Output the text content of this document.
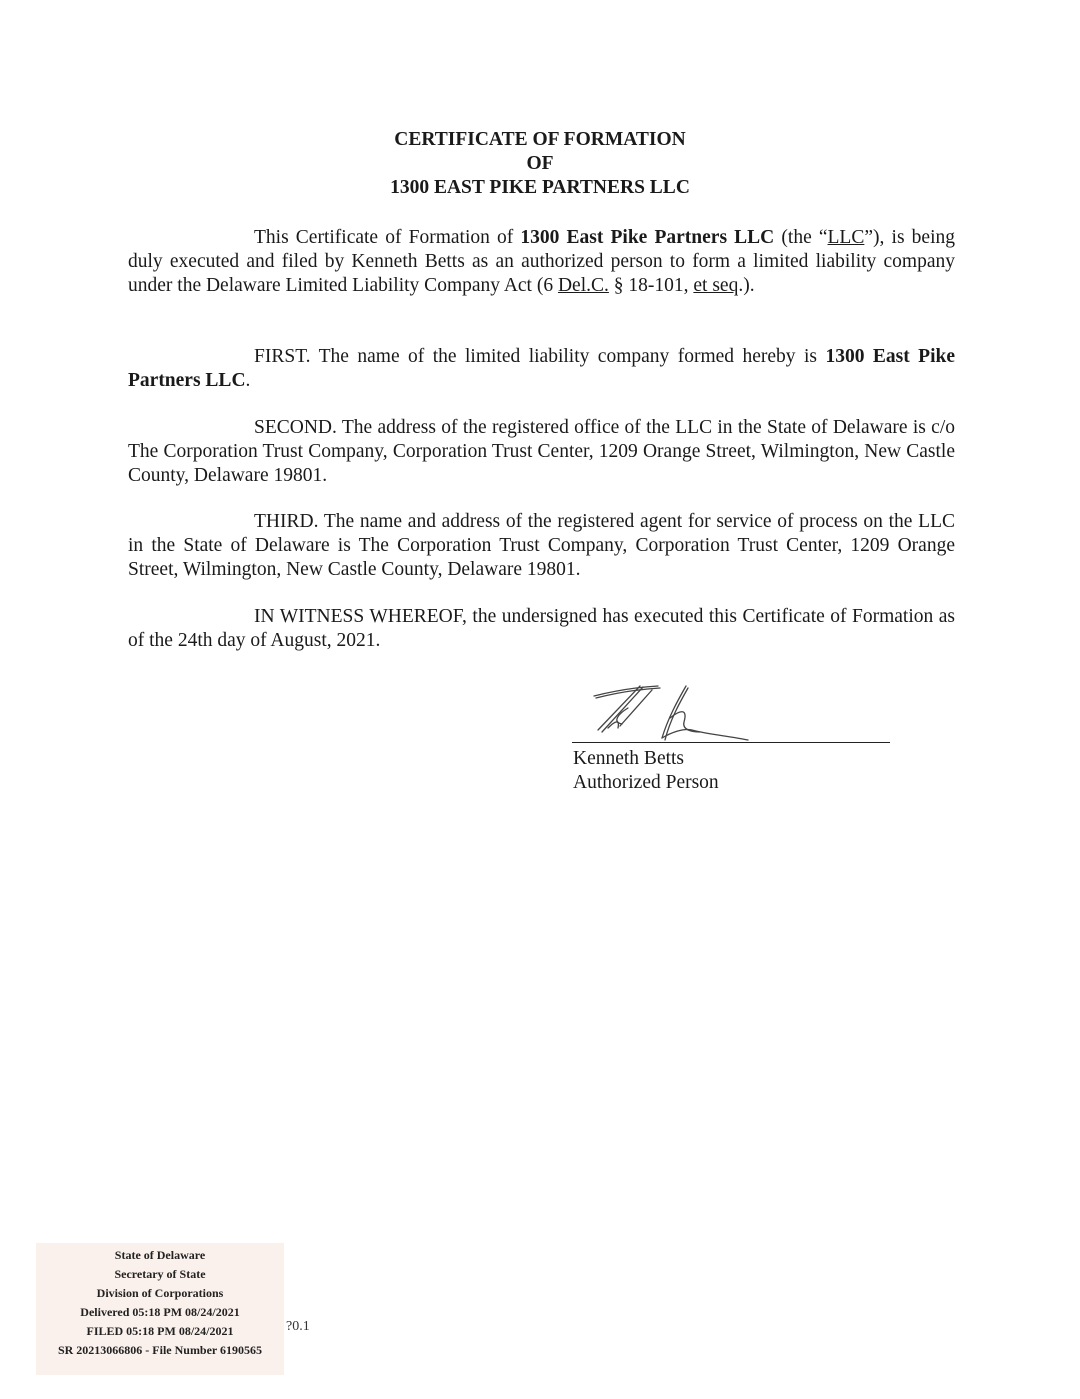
CERTIFICATE OF FORMATION
OF
1300 EAST PIKE PARTNERS LLC

This Certificate of Formation of 1300 East Pike Partners LLC (the “LLC”), is being duly executed and filed by Kenneth Betts as an authorized person to form a limited liability company under the Delaware Limited Liability Company Act (6 Del.C. § 18-101, et seq.).

FIRST. The name of the limited liability company formed hereby is 1300 East Pike Partners LLC.

SECOND. The address of the registered office of the LLC in the State of Delaware is c/o The Corporation Trust Company, Corporation Trust Center, 1209 Orange Street, Wilmington, New Castle County, Delaware 19801.

THIRD. The name and address of the registered agent for service of process on the LLC in the State of Delaware is The Corporation Trust Company, Corporation Trust Center, 1209 Orange Street, Wilmington, New Castle County, Delaware 19801.

IN WITNESS WHEREOF, the undersigned has executed this Certificate of Formation as of the 24th day of August, 2021.

Kenneth Betts
Authorized Person
State of Delaware
Secretary of State
Division of Corporations
Delivered 05:18 PM 08/24/2021
FILED 05:18 PM 08/24/2021
SR 20213066806 - File Number 6190565
?0.1
